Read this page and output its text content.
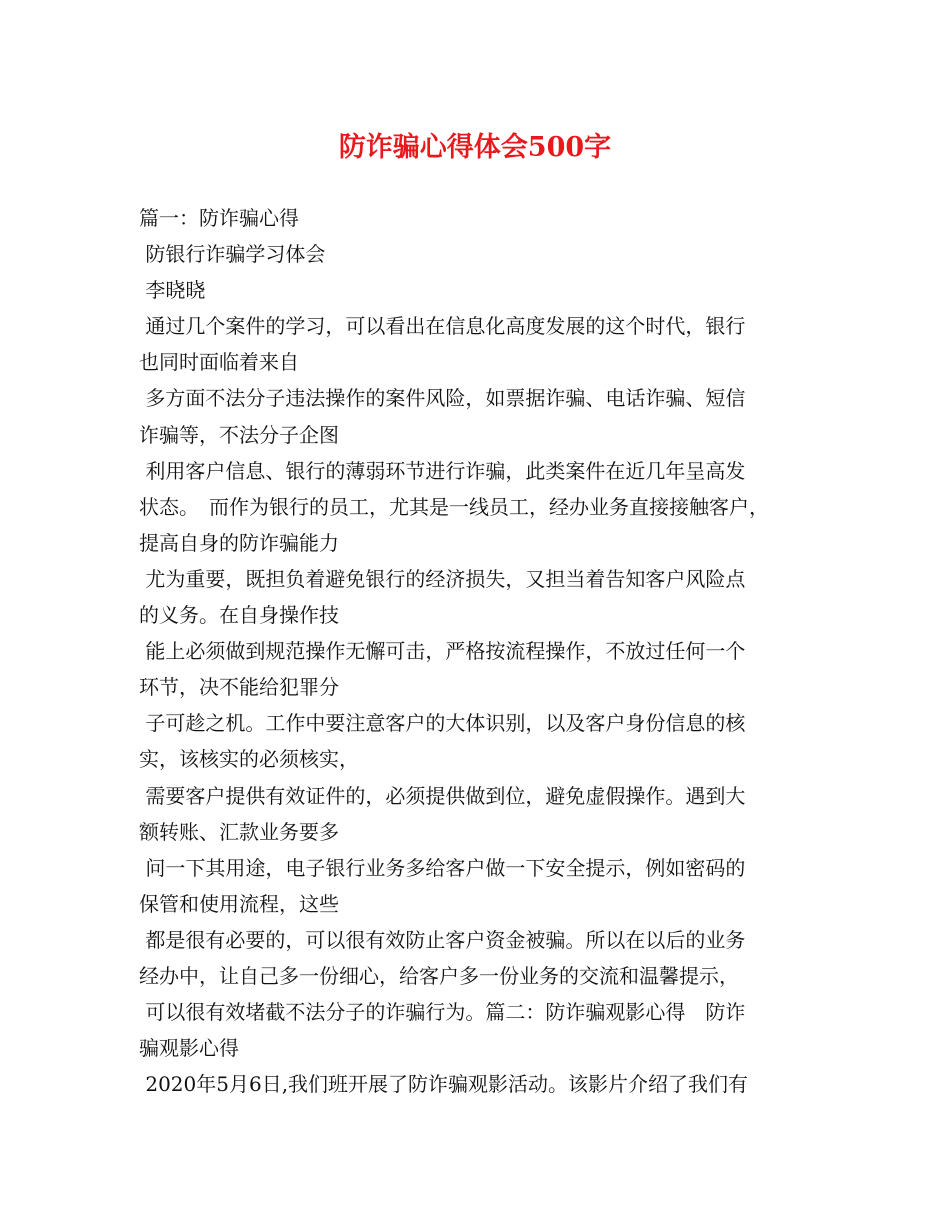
防诈骗心得体会500字
篇一：防诈骗心得
防银行诈骗学习体会
李晓晓
通过几个案件的学习，可以看出在信息化高度发展的这个时代，银行
也同时面临着来自
多方面不法分子违法操作的案件风险，如票据诈骗、电话诈骗、短信
诈骗等，不法分子企图
利用客户信息、银行的薄弱环节进行诈骗，此类案件在近几年呈高发
状态。　而作为银行的员工，尤其是一线员工，经办业务直接接触客户，
提高自身的防诈骗能力
尤为重要，既担负着避免银行的经济损失，又担当着告知客户风险点
的义务。在自身操作技
能上必须做到规范操作无懈可击，严格按流程操作，不放过任何一个
环节，决不能给犯罪分
子可趁之机。工作中要注意客户的大体识别，以及客户身份信息的核
实，该核实的必须核实，
需要客户提供有效证件的，必须提供做到位，避免虚假操作。遇到大
额转账、汇款业务要多
问一下其用途，电子银行业务多给客户做一下安全提示，例如密码的
保管和使用流程，这些
都是很有必要的，可以很有效防止客户资金被骗。所以在以后的业务
经办中，让自己多一份细心，给客户多一份业务的交流和温馨提示，
可以很有效堵截不法分子的诈骗行为。篇二：防诈骗观影心得　防诈
骗观影心得
2020年5月6日,我们班开展了防诈骗观影活动。该影片介绍了我们有
